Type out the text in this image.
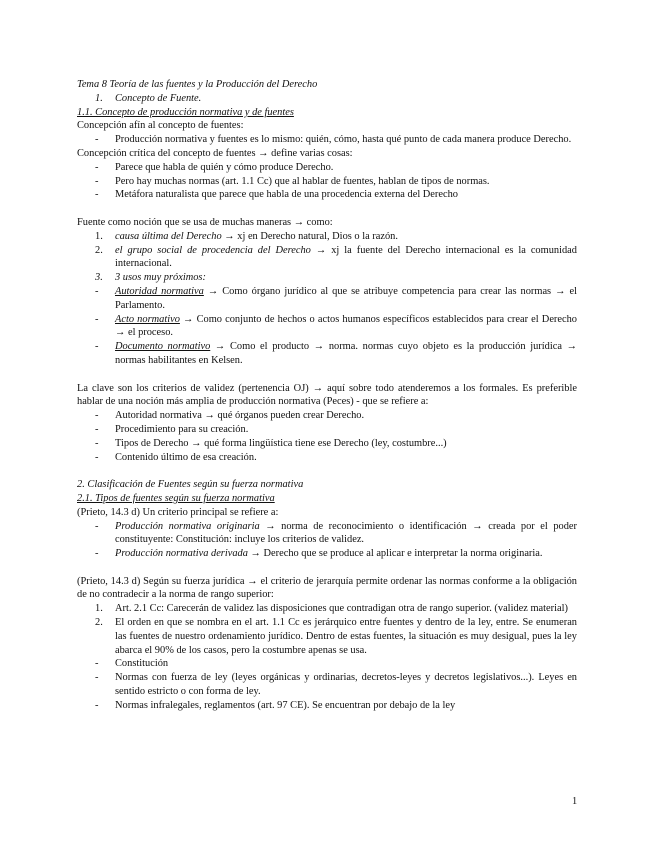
Tema 8 Teoría de las fuentes y la Producción del Derecho

1.	Concepto de Fuente.

1.1. Concepto de producción normativa y de fuentes

Concepción afín al concepto de fuentes:

-	Producción normativa y fuentes es lo mismo: quién, cómo, hasta qué punto de cada manera produce Derecho.

Concepción crítica del concepto de fuentes → define varias cosas:

-	Parece que habla de quién y cómo produce Derecho.
-	Pero hay muchas normas (art. 1.1 Cc) que al hablar de fuentes, hablan de tipos de normas.
-	Metáfora naturalista que parece que habla de una procedencia externa del Derecho

Fuente como noción que se usa de muchas maneras → como:

1.	causa última del Derecho → xj en Derecho natural, Dios o la razón.
2.	el grupo social de procedencia del Derecho → xj la fuente del Derecho internacional es la comunidad internacional.
3.	3 usos muy próximos:
-	Autoridad normativa → Como órgano jurídico al que se atribuye competencia para crear las normas → el Parlamento.
-	Acto normativo → Como conjunto de hechos o actos humanos específicos establecidos para crear el Derecho → el proceso.
-	Documento normativo → Como el producto → norma. normas cuyo objeto es la producción jurídica → normas habilitantes en Kelsen.

La clave son los criterios de validez (pertenencia OJ) → aquí sobre todo atenderemos a los formales. Es preferible hablar de una noción más amplia de producción normativa (Peces) - que se refiere a:

-	Autoridad normativa → qué órganos pueden crear Derecho.
-	Procedimiento para su creación.
-	Tipos de Derecho → qué forma lingüística tiene ese Derecho (ley, costumbre...)
-	Contenido último de esa creación.

2. Clasificación de Fuentes según su fuerza normativa

2.1. Tipos de fuentes según su fuerza normativa

(Prieto, 14.3 d) Un criterio principal se refiere a:

-	Producción normativa originaria → norma de reconocimiento o identificación → creada por el poder constituyente: Constitución: incluye los criterios de validez.
-	Producción normativa derivada → Derecho que se produce al aplicar e interpretar la norma originaria.

(Prieto, 14.3 d) Según su fuerza jurídica → el criterio de jerarquía permite ordenar las normas conforme a la obligación de no contradecir a la norma de rango superior:

1.	Art. 2.1 Cc: Carecerán de validez las disposiciones que contradigan otra de rango superior. (validez material)
2.	El orden en que se nombra en el art. 1.1 Cc es jerárquico entre fuentes y dentro de la ley, entre. Se enumeran las fuentes de nuestro ordenamiento jurídico. Dentro de estas fuentes, la situación es muy desigual, pues la ley abarca el 90% de los casos, pero la costumbre apenas se usa.
-	Constitución
-	Normas con fuerza de ley (leyes orgánicas y ordinarias, decretos-leyes y decretos legislativos...). Leyes en sentido estricto o con forma de ley.
-	Normas infralegales, reglamentos (art. 97 CE). Se encuentran por debajo de la ley
1
